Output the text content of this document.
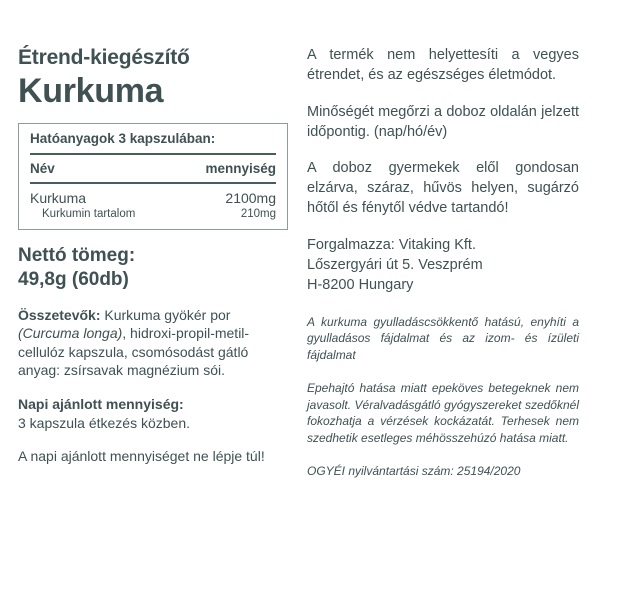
Étrend-kiegészítő
Kurkuma
Hatóanyagok 3 kapszulában:
Név	mennyiség
Kurkuma	2100mg
Kurkumin tartalom	210mg
Nettó tömeg:
49,8g (60db)

Összetevők: Kurkuma gyökér por (Curcuma longa), hidroxi-propil-metil-cellulóz kapszula, csomósodást gátló anyag: zsírsavak magnézium sói.

Napi ajánlott mennyiség:
3 kapszula étkezés közben.

A napi ajánlott mennyiséget ne lépje túl!

A termék nem helyettesíti a vegyes étrendet, és az egészséges életmódot.

Minőségét megőrzi a doboz oldalán jelzett időpontig. (nap/hó/év)

A doboz gyermekek elől gondosan elzárva, száraz, hűvös helyen, sugárzó hőtől és fénytől védve tartandó!

Forgalmazza: Vitaking Kft.
Lőszergyári út 5. Veszprém
H-8200 Hungary

A kurkuma gyulladáscsökkentő hatású, enyhíti a gyulladásos fájdalmat és az izom- és ízületi fájdalmat

Epehajtó hatása miatt epeköves betegeknek nem javasolt. Véralvadásgátló gyógyszereket szedőknél fokozhatja a vérzések kockázatát. Terhesek nem szedhetik esetleges méhösszehúzó hatása miatt.

OGYÉI nyilvántartási szám: 25194/2020
